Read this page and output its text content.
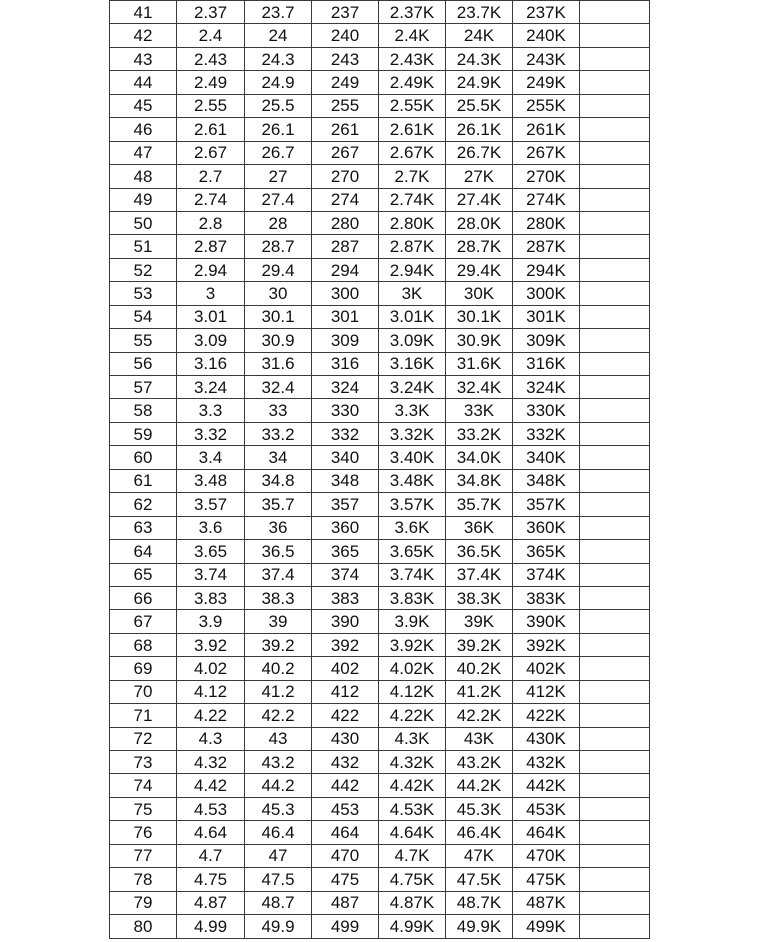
41	2.37	23.7	237	2.37K	23.7K	237K	
42	2.4	24	240	2.4K	24K	240K	
43	2.43	24.3	243	2.43K	24.3K	243K	
44	2.49	24.9	249	2.49K	24.9K	249K	
45	2.55	25.5	255	2.55K	25.5K	255K	
46	2.61	26.1	261	2.61K	26.1K	261K	
47	2.67	26.7	267	2.67K	26.7K	267K	
48	2.7	27	270	2.7K	27K	270K	
49	2.74	27.4	274	2.74K	27.4K	274K	
50	2.8	28	280	2.80K	28.0K	280K	
51	2.87	28.7	287	2.87K	28.7K	287K	
52	2.94	29.4	294	2.94K	29.4K	294K	
53	3	30	300	3K	30K	300K	
54	3.01	30.1	301	3.01K	30.1K	301K	
55	3.09	30.9	309	3.09K	30.9K	309K	
56	3.16	31.6	316	3.16K	31.6K	316K	
57	3.24	32.4	324	3.24K	32.4K	324K	
58	3.3	33	330	3.3K	33K	330K	
59	3.32	33.2	332	3.32K	33.2K	332K	
60	3.4	34	340	3.40K	34.0K	340K	
61	3.48	34.8	348	3.48K	34.8K	348K	
62	3.57	35.7	357	3.57K	35.7K	357K	
63	3.6	36	360	3.6K	36K	360K	
64	3.65	36.5	365	3.65K	36.5K	365K	
65	3.74	37.4	374	3.74K	37.4K	374K	
66	3.83	38.3	383	3.83K	38.3K	383K	
67	3.9	39	390	3.9K	39K	390K	
68	3.92	39.2	392	3.92K	39.2K	392K	
69	4.02	40.2	402	4.02K	40.2K	402K	
70	4.12	41.2	412	4.12K	41.2K	412K	
71	4.22	42.2	422	4.22K	42.2K	422K	
72	4.3	43	430	4.3K	43K	430K	
73	4.32	43.2	432	4.32K	43.2K	432K	
74	4.42	44.2	442	4.42K	44.2K	442K	
75	4.53	45.3	453	4.53K	45.3K	453K	
76	4.64	46.4	464	4.64K	46.4K	464K	
77	4.7	47	470	4.7K	47K	470K	
78	4.75	47.5	475	4.75K	47.5K	475K	
79	4.87	48.7	487	4.87K	48.7K	487K	
80	4.99	49.9	499	4.99K	49.9K	499K	
